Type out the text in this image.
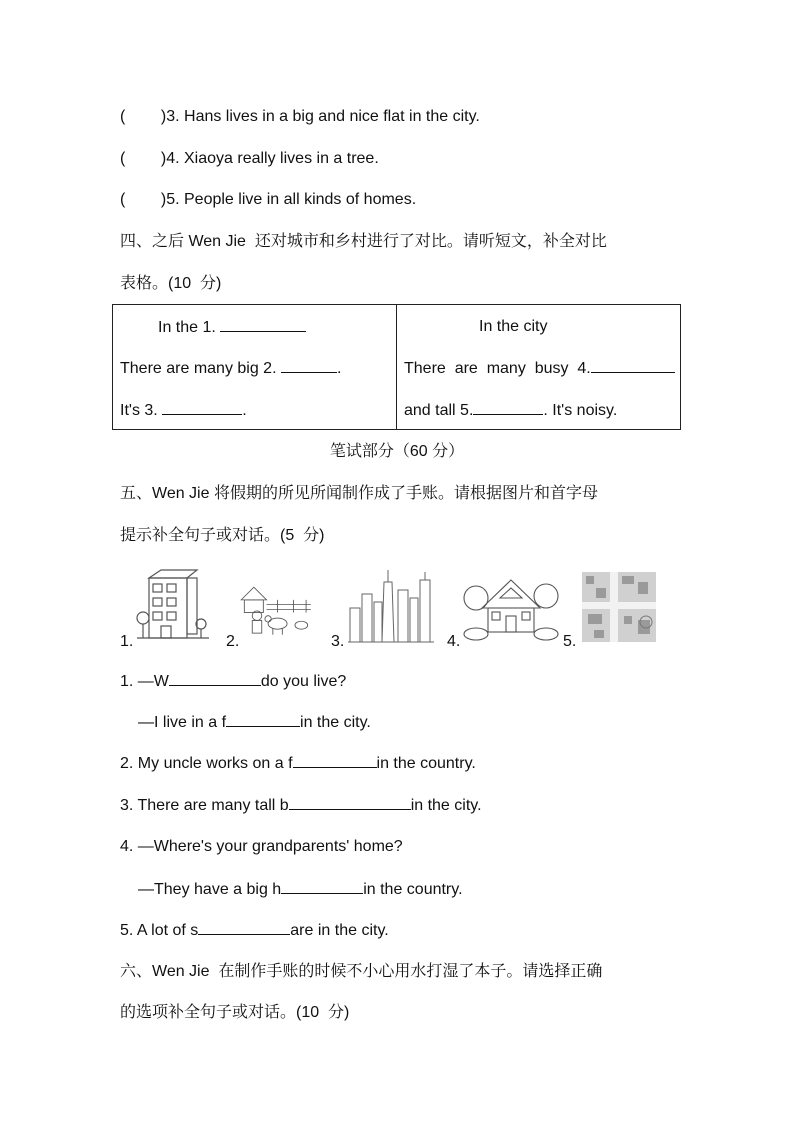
(        )3. Hans lives in a big and nice flat in the city.
(        )4. Xiaoya really lives in a tree.
(        )5. People live in all kinds of homes.
四、之后 Wen Jie  还对城市和乡村进行了对比。请听短文，补全对比
表格。(10  分)
In the 1.
There are many big 2.	.
It's 3.	.

In the city
There  are  many  busy  4.
and tall 5.	. It's noisy.
笔试部分（60 分）
五、Wen Jie 将假期的所见所闻制作成了手账。请根据图片和首字母
提示补全句子或对话。(5  分)
1.	2.	3.	4.	5.
1. —W	do you live?
—I live in a f	in the city.
2. My uncle works on a f	in the country.
3. There are many tall b	in the city.
4. —Where's your grandparents' home?
—They have a big h	in the country.
5. A lot of s	are in the city.
六、Wen Jie  在制作手账的时候不小心用水打湿了本子。请选择正确
的选项补全句子或对话。(10  分)
